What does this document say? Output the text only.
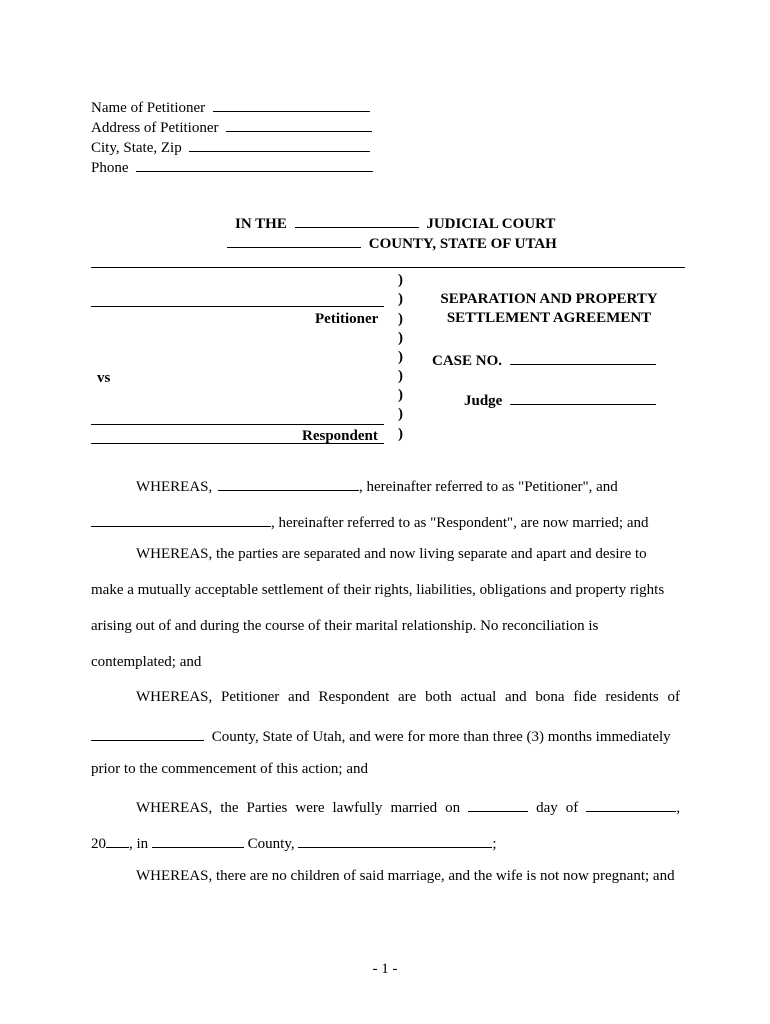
Name of Petitioner
Address of Petitioner
City, State, Zip
Phone
IN THE	JUDICIAL COURT
COUNTY, STATE OF UTAH
Petitioner
vs
Respondent
)
)
)
)
)
)
)
)
)
SEPARATION AND PROPERTY
SETTLEMENT AGREEMENT
CASE NO.
Judge
WHEREAS,	, hereinafter referred to as "Petitioner", and
, hereinafter referred to as "Respondent", are now married; and
WHEREAS, the parties are separated and now living separate and apart and desire to
make a mutually acceptable settlement of their rights, liabilities, obligations and property rights
arising out of and during the course of their marital relationship. No reconciliation is
contemplated; and
WHEREAS, Petitioner and Respondent are both actual and bona fide residents of
County, State of Utah, and were for more than three (3) months immediately
prior to the commencement of this action; and
WHEREAS, the Parties were lawfully married on	day of	,
20 , in	County,	;
WHEREAS, there are no children of said marriage, and the wife is not now pregnant; and
- 1 -
